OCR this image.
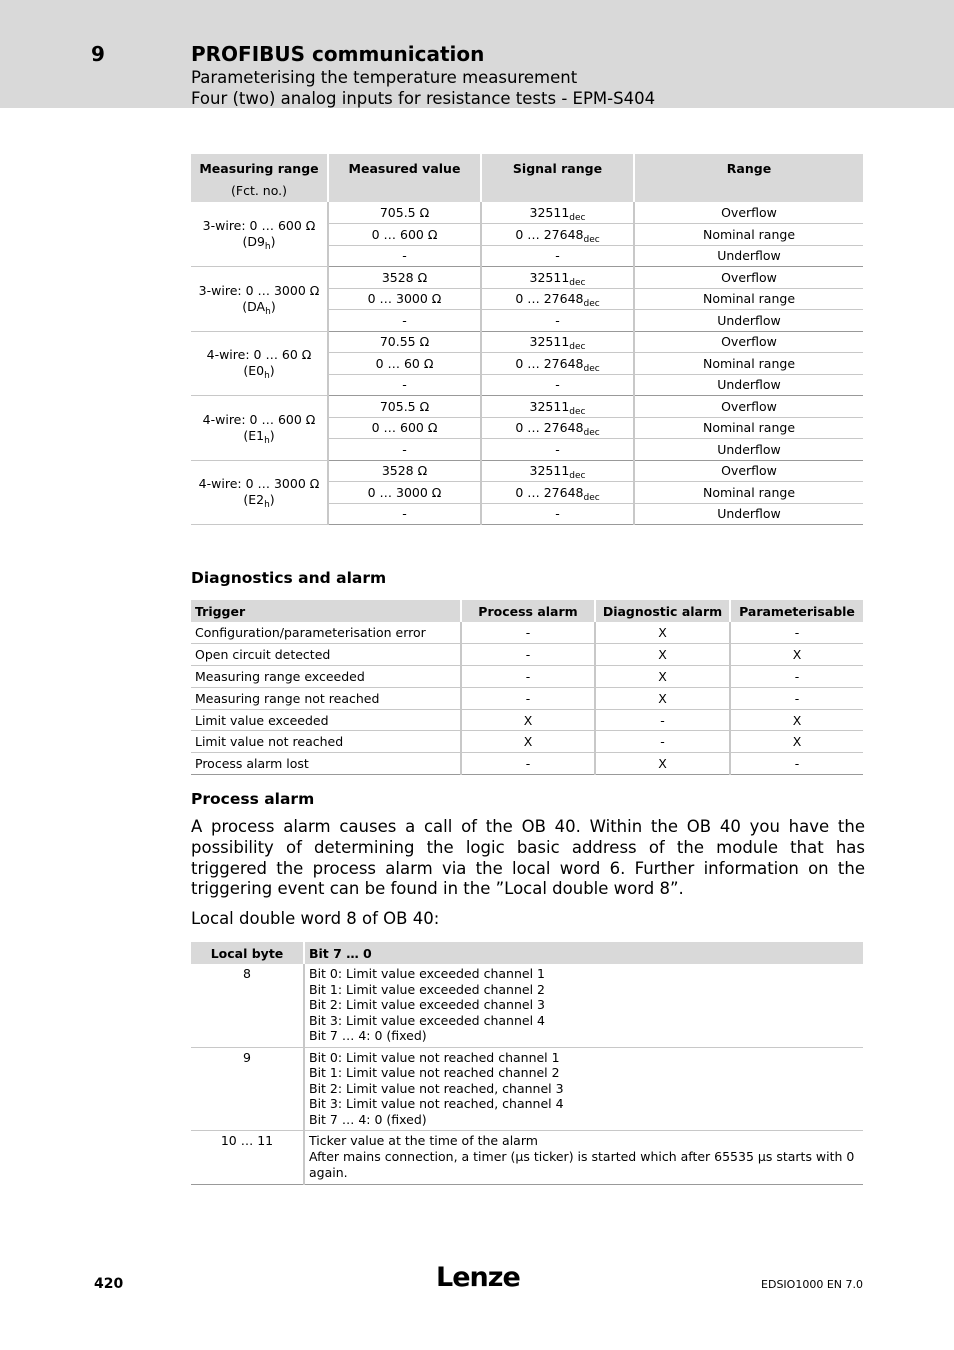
9	PROFIBUS communication
Parameterising the temperature measurement
Four (two) analog inputs for resistance tests - EPM-S404
Measuring range
(Fct. no.)	Measured value	Signal range	Range
3-wire: 0 … 600 Ω
$(D9_h)$	705.5 Ω	$32511_{dec}$	Overflow
	0 … 600 Ω	0 … $27648_{dec}$	Nominal range
	-	-	Underflow
3-wire: 0 … 3000 Ω
$(DA_h)$	3528 Ω	$32511_{dec}$	Overflow
	0 … 3000 Ω	0 … $27648_{dec}$	Nominal range
	-	-	Underflow
4-wire: 0 … 60 Ω
$(E0_h)$	70.55 Ω	$32511_{dec}$	Overflow
	0 … 60 Ω	0 … $27648_{dec}$	Nominal range
	-	-	Underflow
4-wire: 0 … 600 Ω
$(E1_h)$	705.5 Ω	$32511_{dec}$	Overflow
	0 … 600 Ω	0 … $27648_{dec}$	Nominal range
	-	-	Underflow
4-wire: 0 … 3000 Ω
$(E2_h)$	3528 Ω	$32511_{dec}$	Overflow
	0 … 3000 Ω	0 … $27648_{dec}$	Nominal range
	-	-	Underflow
Diagnostics and alarm
Trigger	Process alarm	Diagnostic alarm	Parameterisable
Configuration/parameterisation error	-	X	-
Open circuit detected	-	X	X
Measuring range exceeded	-	X	-
Measuring range not reached	-	X	-
Limit value exceeded	X	-	X
Limit value not reached	X	-	X
Process alarm lost	-	X	-
Process alarm
A process alarm causes a call of the OB 40. Within the OB 40 you have the possibility of determining the logic basic address of the module that has triggered the process alarm via the local word 6. Further information on the triggering event can be found in the ”Local double word 8”.
Local double word 8 of OB 40:
Local byte	Bit 7 … 0
8	Bit 0: Limit value exceeded channel 1
Bit 1: Limit value exceeded channel 2
Bit 2: Limit value exceeded channel 3
Bit 3: Limit value exceeded channel 4
Bit 7 … 4: 0 (fixed)

9	Bit 0: Limit value not reached channel 1
Bit 1: Limit value not reached channel 2
Bit 2: Limit value not reached, channel 3
Bit 3: Limit value not reached, channel 4
Bit 7 … 4: 0 (fixed)

10 … 11	Ticker value at the time of the alarm
After mains connection, a timer (µs ticker) is started which after 65535 µs starts with 0 again.
420	Lenze	EDSIO1000 EN 7.0
